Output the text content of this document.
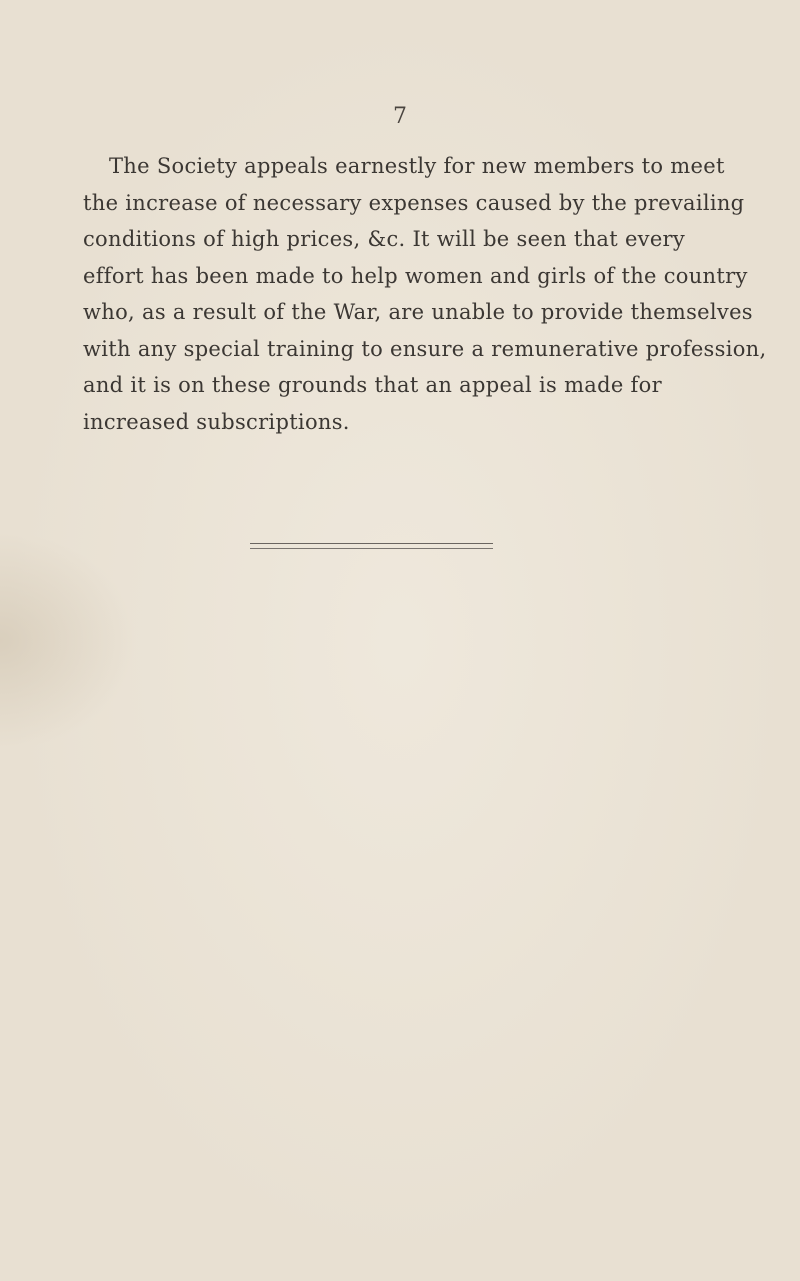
7
The Society appeals earnestly for new members to meet
the increase of necessary expenses caused by the prevailing
conditions of high prices, &c. It will be seen that every
effort has been made to help women and girls of the country
who, as a result of the War, are unable to provide themselves
with any special training to ensure a remunerative profession,
and it is on these grounds that an appeal is made for
increased subscriptions.
